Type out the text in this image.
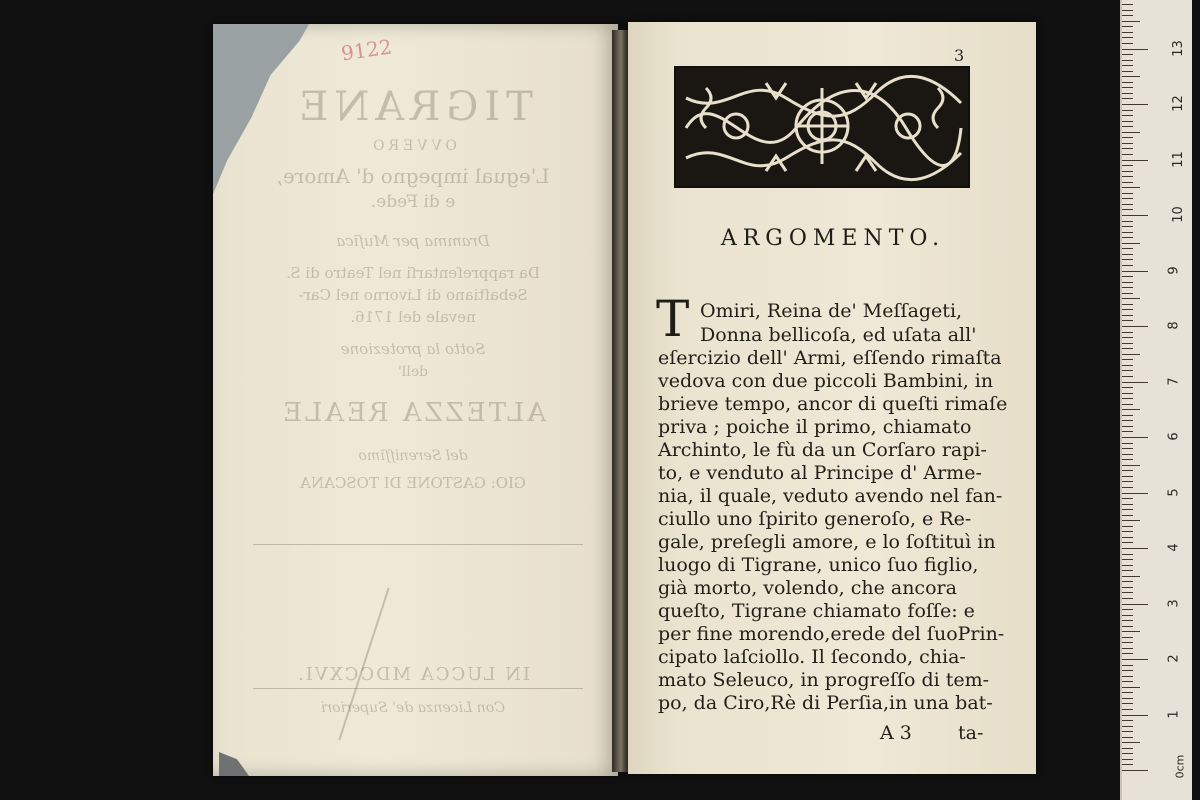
9122
TIGRANE
OVVERO
L'egual impegno d' Amore,
e di Fede.
Dramma per Muſica
Da rappreſentarſi nel Teatro di S.
Sebaſtiano di Livorno nel Car-
nevale del 1716.
Sotto la protezione
dell'
ALTEZZA REALE
del Sereniſſimo
GIO: GASTONE DI TOSCANA
IN LUCCA MDCCXVI.
Con Licenza de' Superiori
3
ARGOMENTO.
T Omiri, Reina de' Meſſageti,
Donna bellicoſa, ed uſata all'
eſercizio dell' Armi, eſſendo rimaſta
vedova con due piccoli Bambini, in
brieve tempo, ancor di queſti rimaſe
priva ; poiche il primo, chiamato
Archinto, le fù da un Corſaro rapi-
to, e venduto al Principe d' Arme-
nia, il quale, veduto avendo nel fan-
ciullo uno ſpirito generoſo, e Re-
gale, preſegli amore, e lo ſoſtituì in
luogo di Tigrane, unico ſuo figlio,
già morto, volendo, che ancora
queſto, Tigrane chiamato foſſe: e
per fine morendo,erede del ſuoPrin-
cipato laſciollo. Il ſecondo, chia-
mato Seleuco, in progreſſo di tem-
po, da Ciro,Rè di Perſia,in una bat-
A 3 ta-
0cm
1
2
3
4
5
6
7
8
9
10
11
12
13
